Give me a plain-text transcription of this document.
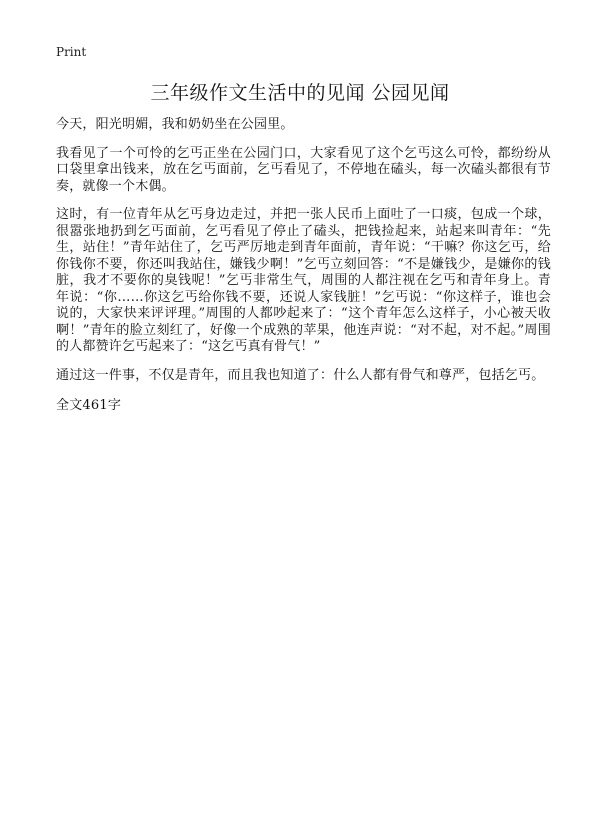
Print
三年级作文生活中的见闻 公园见闻

今天，阳光明媚，我和奶奶坐在公园里。

我看见了一个可怜的乞丐正坐在公园门口，大家看见了这个乞丐这么可怜，都纷纷从口袋里拿出钱来，放在乞丐面前，乞丐看见了，不停地在磕头，每一次磕头都很有节奏，就像一个木偶。

这时，有一位青年从乞丐身边走过，并把一张人民币上面吐了一口痰，包成一个球，很嚣张地扔到乞丐面前，乞丐看见了停止了磕头，把钱捡起来，站起来叫青年：“先生，站住！”青年站住了，乞丐严厉地走到青年面前，青年说：“干嘛？你这乞丐，给你钱你不要，你还叫我站住，嫌钱少啊！”乞丐立刻回答：“不是嫌钱少，是嫌你的钱脏，我才不要你的臭钱呢！”乞丐非常生气，周围的人都注视在乞丐和青年身上。青年说：“你……你这乞丐给你钱不要，还说人家钱脏！”乞丐说：“你这样子，谁也会说的，大家快来评评理。”周围的人都吵起来了：“这个青年怎么这样子，小心被天收啊！”青年的脸立刻红了，好像一个成熟的苹果，他连声说：“对不起，对不起。”周围的人都赞许乞丐起来了：“这乞丐真有骨气！”

通过这一件事，不仅是青年，而且我也知道了：什么人都有骨气和尊严，包括乞丐。

全文461字
